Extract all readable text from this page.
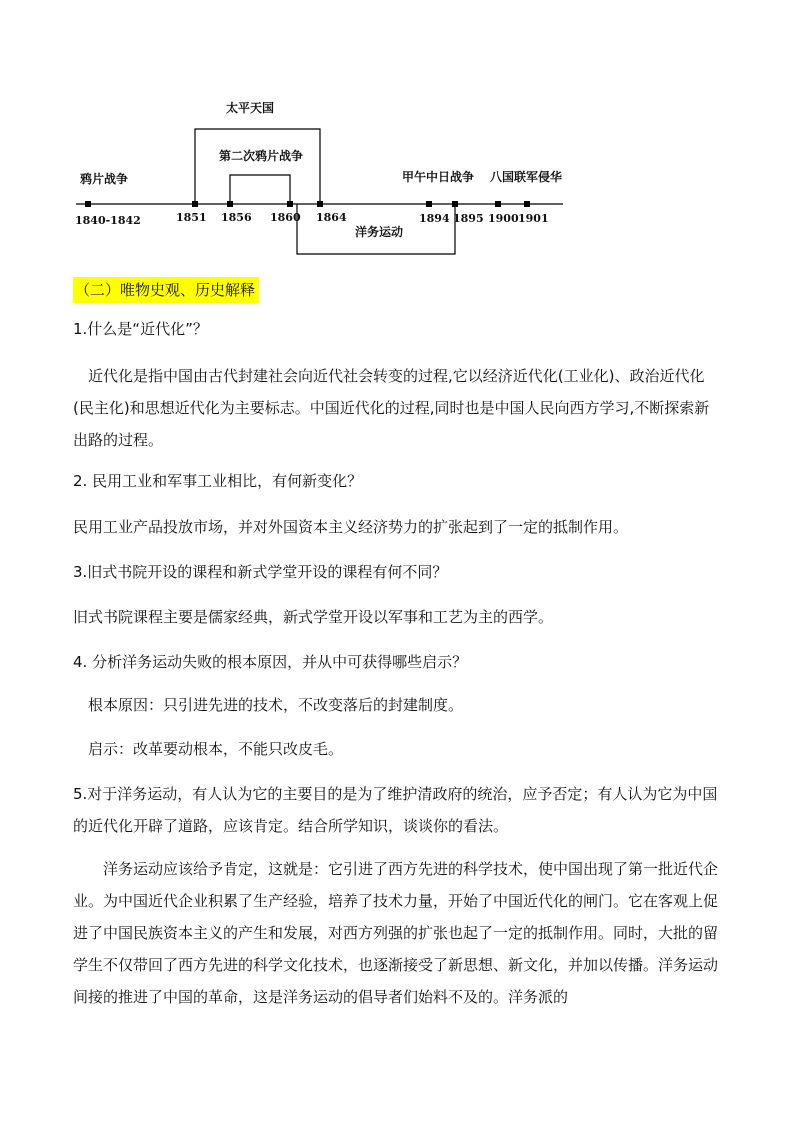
太平天国
第二次鸦片战争
鸦片战争	甲午中日战争 八国联军侵华
洋务运动
1840-1842	1851 1856 1860 1864	1894 1895 1900 1901
（二）唯物史观、历史解释
1.什么是“近代化”？
近代化是指中国由古代封建社会向近代社会转变的过程,它以经济近代化(工业化)、政治近代化(民主化)和思想近代化为主要标志。中国近代化的过程,同时也是中国人民向西方学习,不断探索新出路的过程。
2. 民用工业和军事工业相比，有何新变化？
民用工业产品投放市场，并对外国资本主义经济势力的扩张起到了一定的抵制作用。
3.旧式书院开设的课程和新式学堂开设的课程有何不同？
旧式书院课程主要是儒家经典，新式学堂开设以军事和工艺为主的西学。
4. 分析洋务运动失败的根本原因，并从中可获得哪些启示？
根本原因：只引进先进的技术，不改变落后的封建制度。
启示：改革要动根本，不能只改皮毛。
5.对于洋务运动，有人认为它的主要目的是为了维护清政府的统治，应予否定；有人认为它为中国的近代化开辟了道路，应该肯定。结合所学知识，谈谈你的看法。
洋务运动应该给予肯定，这就是：它引进了西方先进的科学技术，使中国出现了第一批近代企业。为中国近代企业积累了生产经验，培养了技术力量，开始了中国近代化的闸门。它在客观上促进了中国民族资本主义的产生和发展，对西方列强的扩张也起了一定的抵制作用。同时，大批的留学生不仅带回了西方先进的科学文化技术，也逐渐接受了新思想、新文化，并加以传播。洋务运动间接的推进了中国的革命，这是洋务运动的倡导者们始料不及的。洋务派的
